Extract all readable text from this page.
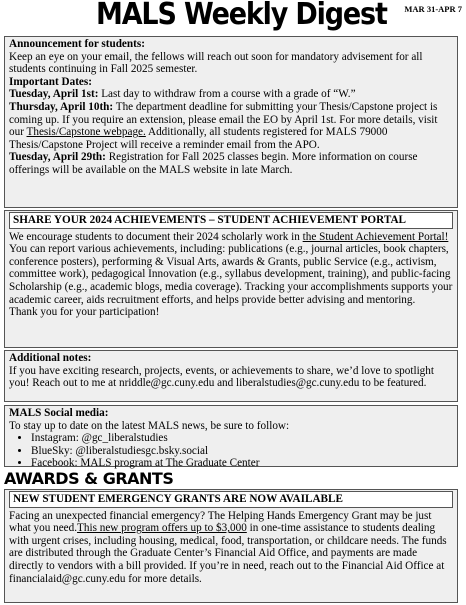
MALS Weekly Digest MAR 31-APR 7

Announcement for students:

Keep an eye on your email, the fellows will reach out soon for mandatory advisement for all students continuing in Fall 2025 semester.

Important Dates:

Tuesday, April 1st: Last day to withdraw from a course with a grade of “W.”

Thursday, April 10th: The department deadline for submitting your Thesis/Capstone project is coming up. If you require an extension, please email the EO by April 1st. For more details, visit our Thesis/Capstone webpage. Additionally, all students registered for MALS 79000 Thesis/Capstone Project will receive a reminder email from the APO.

Tuesday, April 29th: Registration for Fall 2025 classes begin. More information on course offerings will be available on the MALS website in late March.

SHARE YOUR 2024 ACHIEVEMENTS – STUDENT ACHIEVEMENT PORTAL

We encourage students to document their 2024 scholarly work in the Student Achievement Portal!

You can report various achievements, including: publications (e.g., journal articles, book chapters, conference posters), performing & Visual Arts, awards & Grants, public Service (e.g., activism, committee work), pedagogical Innovation (e.g., syllabus development, training), and public-facing Scholarship (e.g., academic blogs, media coverage). Tracking your accomplishments supports your academic career, aids recruitment efforts, and helps provide better advising and mentoring.

Thank you for your participation!

Additional notes:

If you have exciting research, projects, events, or achievements to share, we’d love to spotlight you! Reach out to me at nriddle@gc.cuny.edu and liberalstudies@gc.cuny.edu to be featured.

MALS Social media:

To stay up to date on the latest MALS news, be sure to follow:

• Instagram: @gc_liberalstudies
• BlueSky: @liberalstudiesgc.bsky.social
• Facebook: MALS program at The Graduate Center
AWARDS & GRANTS
NEW STUDENT EMERGENCY GRANTS ARE NOW AVAILABLE

Facing an unexpected financial emergency? The Helping Hands Emergency Grant may be just what you need.This new program offers up to $3,000 in one-time assistance to students dealing with urgent crises, including housing, medical, food, transportation, or childcare needs. The funds are distributed through the Graduate Center’s Financial Aid Office, and payments are made directly to vendors with a bill provided. If you’re in need, reach out to the Financial Aid Office at financialaid@gc.cuny.edu for more details.
